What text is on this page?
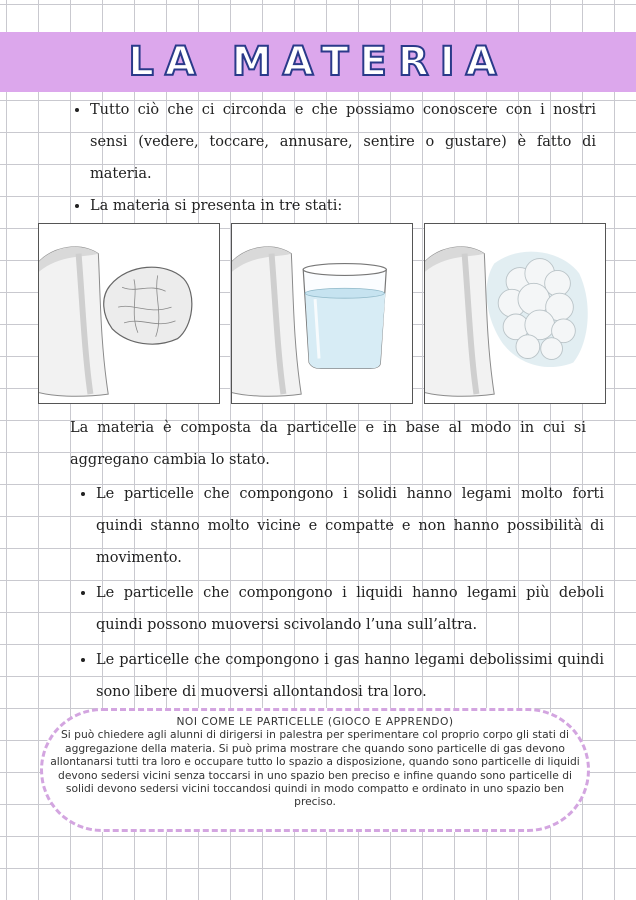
LA MATERIA
• Tutto ciò che ci circonda e che possiamo conoscere con i nostri sensi (vedere, toccare, annusare, sentire o gustare) è fatto di materia.
• La materia si presenta in tre stati:

La materia è composta da particelle e in base al modo in cui si aggregano cambia lo stato.

• Le particelle che compongono i solidi hanno legami molto forti quindi stanno molto vicine e compatte e non hanno possibilità di movimento.
• Le particelle che compongono i liquidi hanno legami più deboli quindi possono muoversi scivolando l’una sull’altra.
• Le particelle che compongono i gas hanno legami debolissimi quindi sono libere di muoversi allontandosi tra loro.
NOI COME LE PARTICELLE (GIOCO E APPRENDO)
Si può chiedere agli alunni di dirigersi in palestra per sperimentare col proprio corpo gli stati di aggregazione della materia. Si può prima mostrare che quando sono particelle di gas devono allontanarsi tutti tra loro e occupare tutto lo spazio a disposizione, quando sono particelle di liquidi devono sedersi vicini senza toccarsi in uno spazio ben preciso e infine quando sono particelle di solidi devono sedersi vicini toccandosi quindi in modo compatto e ordinato in uno spazio ben preciso.
